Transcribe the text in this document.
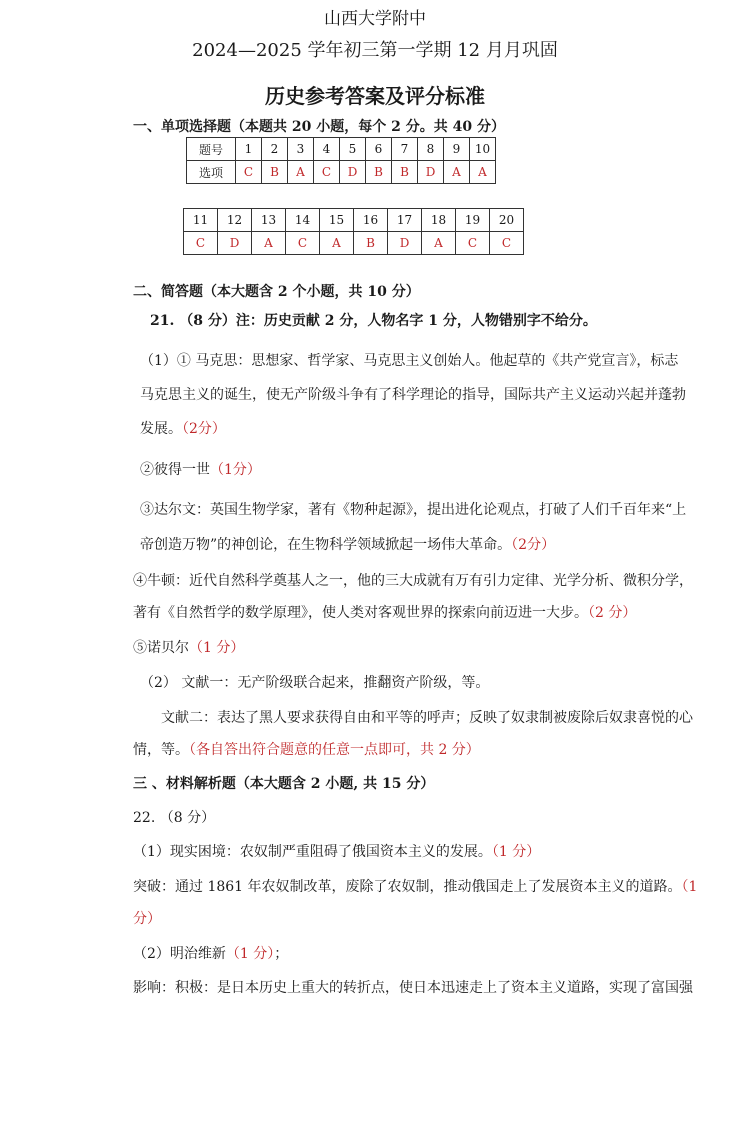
山西大学附中
2024—2025 学年初三第一学期 12 月月巩固
历史参考答案及评分标准
一、单项选择题（本题共 20 小题，每个 2 分。共 40 分）
题号	1	2	3	4	5	6	7	8	9	10
选项	C	B	A	C	D	B	B	D	A	A
11	12	13	14	15	16	17	18	19	20
C	D	A	C	A	B	D	A	C	C
二、简答题（本大题含 2 个小题，共 10 分）
21. （8 分）注：历史贡献 2 分，人物名字 1 分，人物错别字不给分。
（1）① 马克思：思想家、哲学家、马克思主义创始人。他起草的《共产党宣言》，标志
马克思主义的诞生，使无产阶级斗争有了科学理论的指导，国际共产主义运动兴起并蓬勃
发展。（2分）
②彼得一世（1分）
③达尔文：英国生物学家，著有《物种起源》，提出进化论观点，打破了人们千百年来“上
帝创造万物”的神创论，在生物科学领域掀起一场伟大革命。（2分）
④牛顿：近代自然科学奠基人之一，他的三大成就有万有引力定律、光学分析、微积分学，
著有《自然哲学的数学原理》，使人类对客观世界的探索向前迈进一大步。（2 分）
⑤诺贝尔（1 分）
（2） 文献一：无产阶级联合起来，推翻资产阶级，等。
文献二：表达了黑人要求获得自由和平等的呼声；反映了奴隶制被废除后奴隶喜悦的心
情，等。（各自答出符合题意的任意一点即可，共 2 分）
三 、材料解析题（本大题含 2 小题, 共 15 分）
22. （8 分）
（1）现实困境：农奴制严重阻碍了俄国资本主义的发展。（1 分）
突破：通过 1861 年农奴制改革，废除了农奴制，推动俄国走上了发展资本主义的道路。（1
分）
（2）明治维新（1 分）；
影响：积极：是日本历史上重大的转折点，使日本迅速走上了资本主义道路，实现了富国强
